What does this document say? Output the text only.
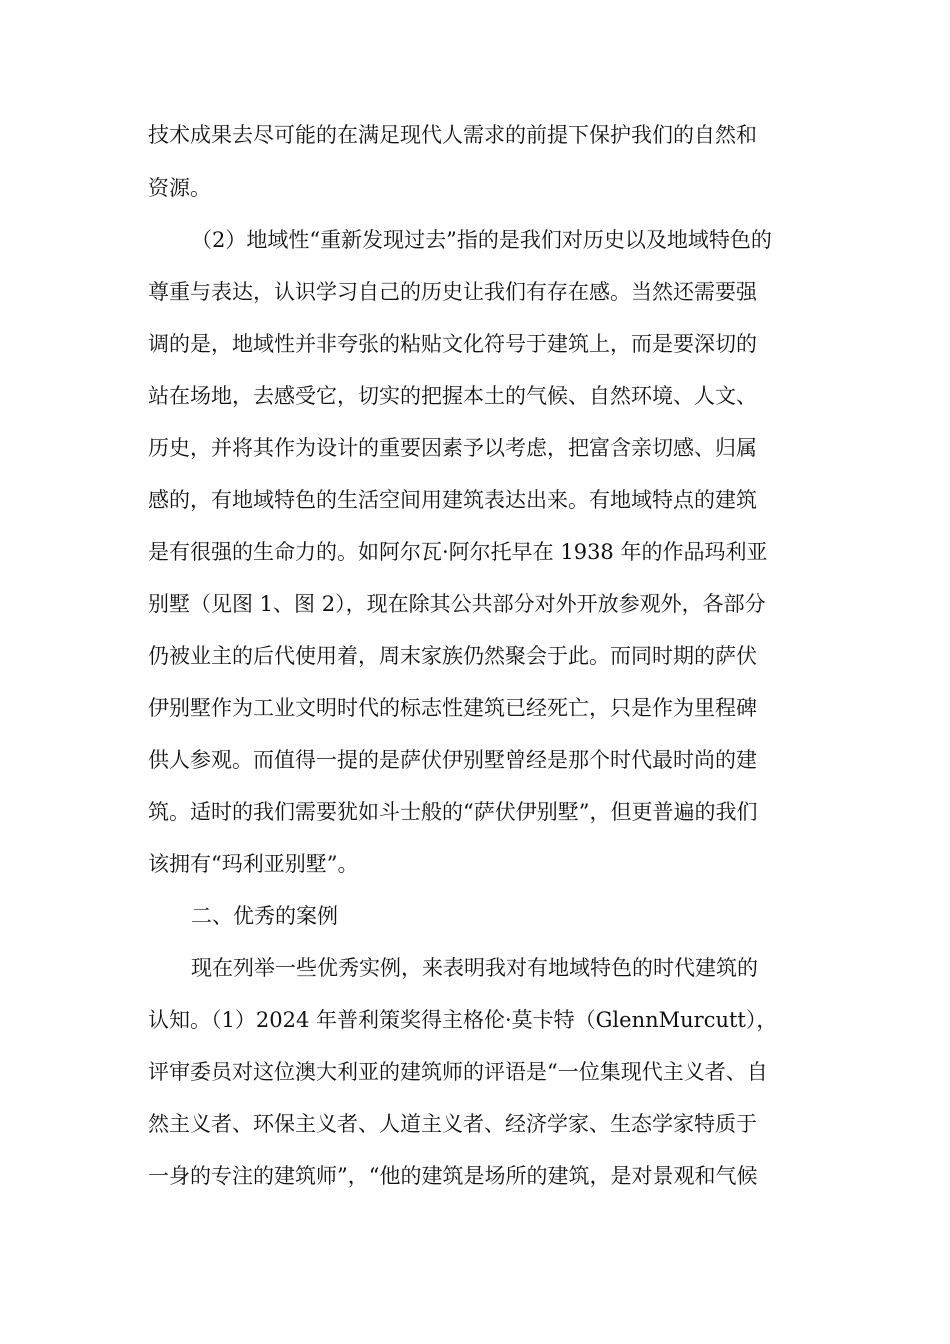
技术成果去尽可能的在满足现代人需求的前提下保护我们的自然和
资源。
（2）地域性“重新发现过去”指的是我们对历史以及地域特色的
尊重与表达，认识学习自己的历史让我们有存在感。当然还需要强
调的是，地域性并非夸张的粘贴文化符号于建筑上，而是要深切的
站在场地，去感受它，切实的把握本土的气候、自然环境、人文、
历史，并将其作为设计的重要因素予以考虑，把富含亲切感、归属
感的，有地域特色的生活空间用建筑表达出来。有地域特点的建筑
是有很强的生命力的。如阿尔瓦·阿尔托早在 1938 年的作品玛利亚
别墅（见图 1、图 2），现在除其公共部分对外开放参观外，各部分
仍被业主的后代使用着，周末家族仍然聚会于此。而同时期的萨伏
伊别墅作为工业文明时代的标志性建筑已经死亡，只是作为里程碑
供人参观。而值得一提的是萨伏伊别墅曾经是那个时代最时尚的建
筑。适时的我们需要犹如斗士般的“萨伏伊别墅”，但更普遍的我们
该拥有“玛利亚别墅”。
二、优秀的案例
现在列举一些优秀实例，来表明我对有地域特色的时代建筑的
认知。（1）2024 年普利策奖得主格伦·莫卡特（GlennMurcutt），
评审委员对这位澳大利亚的建筑师的评语是“一位集现代主义者、自
然主义者、环保主义者、人道主义者、经济学家、生态学家特质于
一身的专注的建筑师”，“他的建筑是场所的建筑，是对景观和气候
